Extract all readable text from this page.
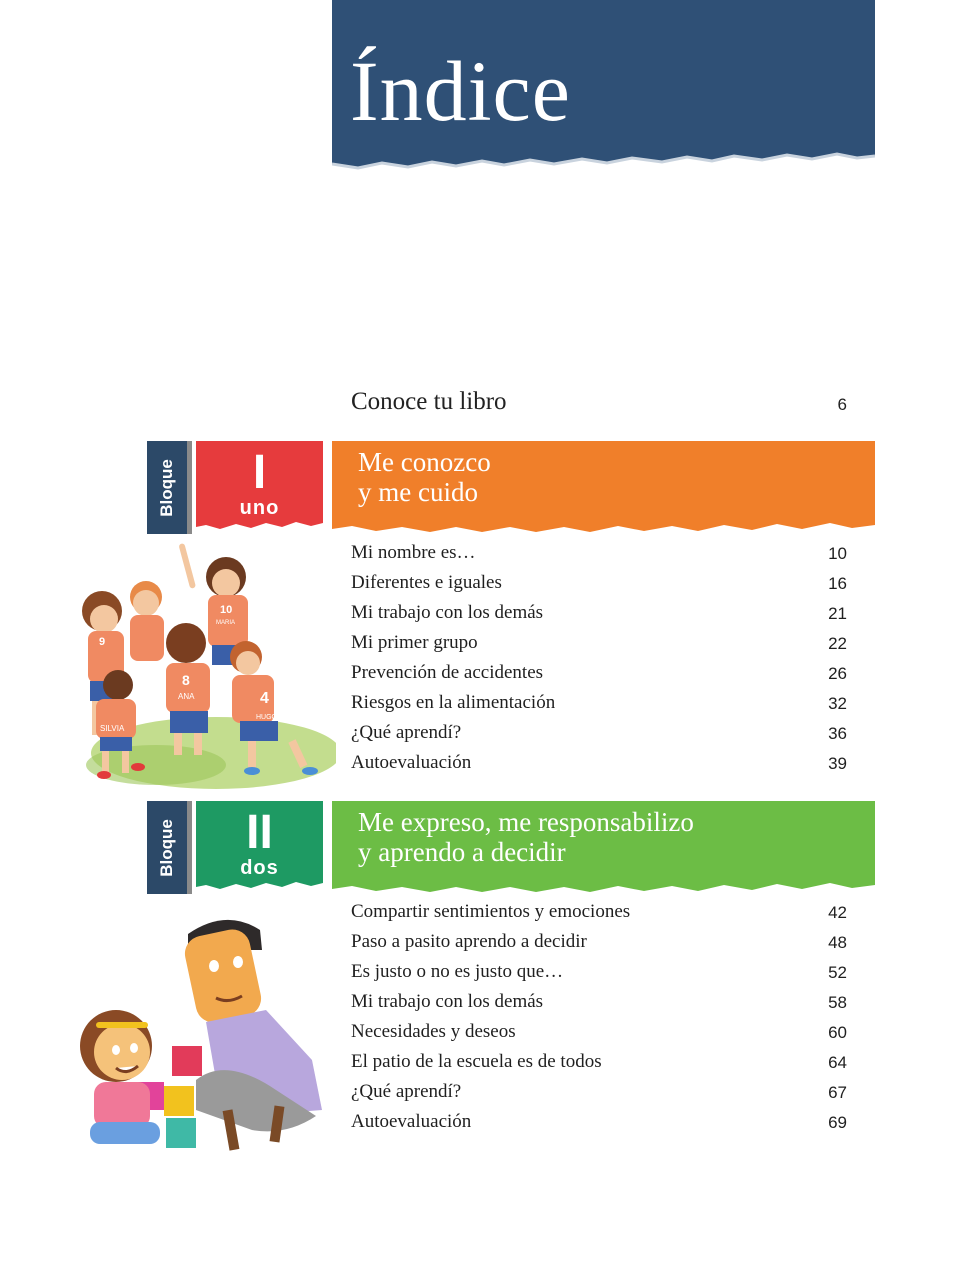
Índice
Conoce tu libro	6
Bloque	I
uno
Me conozco
y me cuido
Mi nombre es…	10
Diferentes e iguales	16
Mi trabajo con los demás	21
Mi primer grupo	22
Prevención de accidentes	26
Riesgos en la alimentación	32
¿Qué aprendí?	36
Autoevaluación	39
9
10
MARIA
8
ANA
SILVIA
4
HUGO
Bloque	II
dos
Me expreso, me responsabilizo
y aprendo a decidir
Compartir sentimientos y emociones	42
Paso a pasito aprendo a decidir	48
Es justo o no es justo que…	52
Mi trabajo con los demás	58
Necesidades y deseos	60
El patio de la escuela es de todos	64
¿Qué aprendí?	67
Autoevaluación	69
